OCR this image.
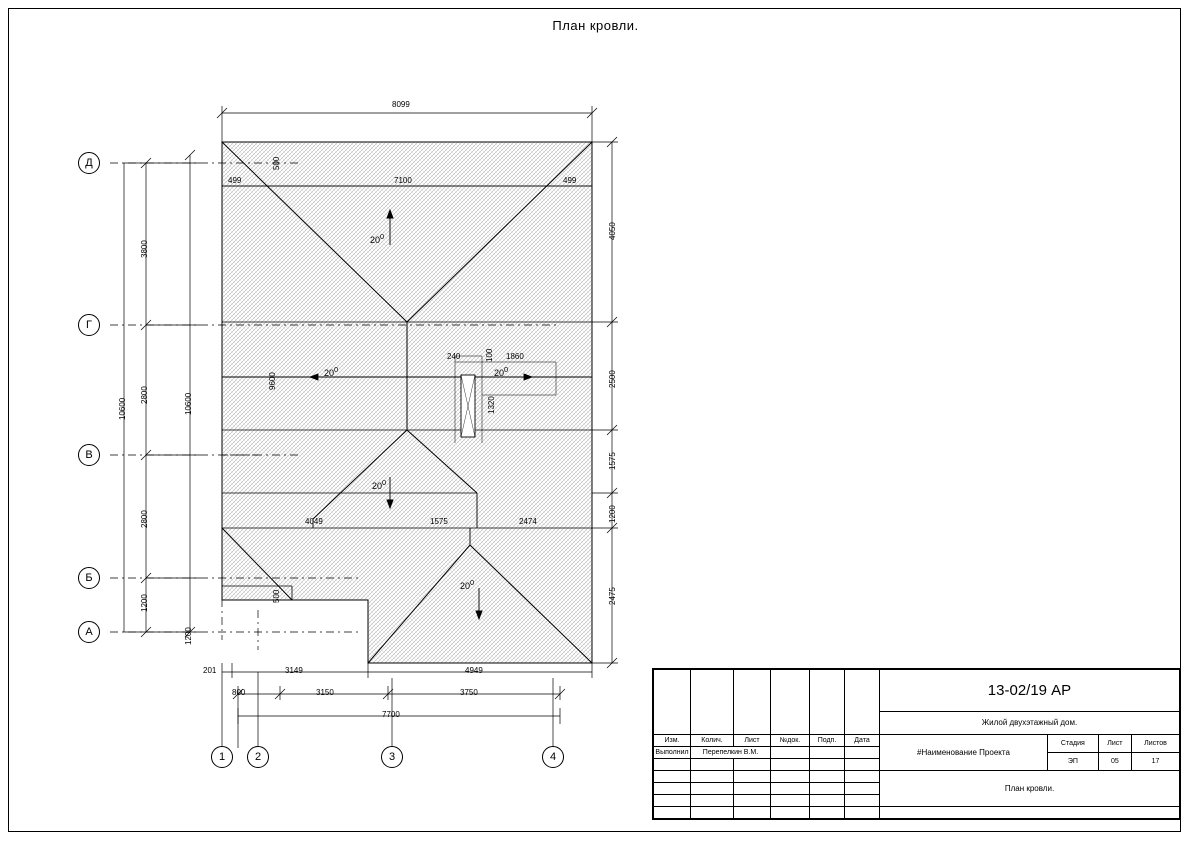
План кровли.
Д
Г
В
Б
А
1	2	3	4
8099
7100
499	499
10600	10600
3800
2800
2800
1200
1200
4050
2500
1575
1200
2475
201	3149	4949
800	3150	3750
7700
500
500
9600
4049	1575	2474
240	100 1860
1320
$20^0$
$20^0$	$20^0$
$20^0$
$20^0$
						13-02/19 АР

Жилой двухэтажный дом.

Изм.	Колич.	Лист	№док.	Подп.	Дата	
#Наименование Проекта	Стадия	Лист	Листов
ЭП	05	17

Выполнил	Перепелкин В.М.			

						План кровли.
